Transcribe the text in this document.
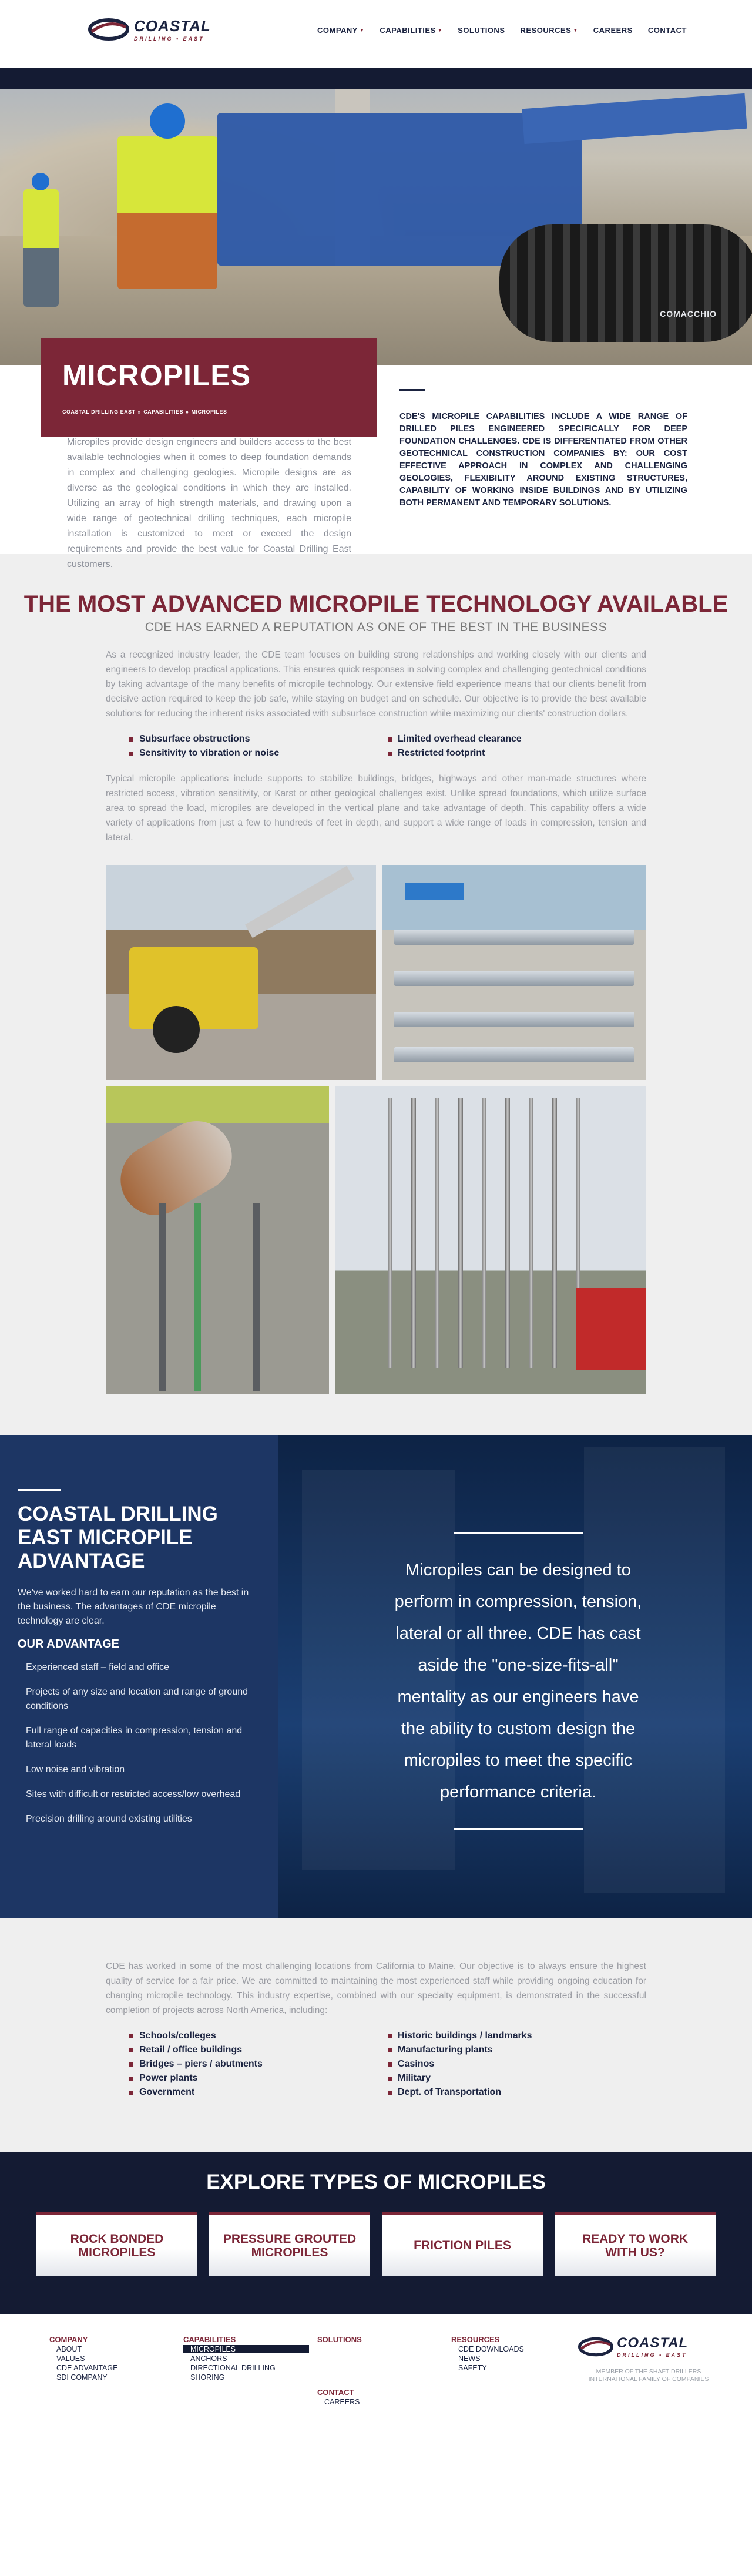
COASTAL
DRILLING • EAST
COMPANY ▼ CAPABILITIES ▼ SOLUTIONS RESOURCES ▼ CAREERS CONTACT
COMACCHIO
MICROPILES
COASTAL DRILLING EAST » CAPABILITIES » MICROPILES

Micropiles provide design engineers and builders access to the best available technologies when it comes to deep foundation demands in complex and challenging geologies. Micropile designs are as diverse as the geological conditions in which they are installed. Utilizing an array of high strength materials, and drawing upon a wide range of geotechnical drilling techniques, each micropile installation is customized to meet or exceed the design requirements and provide the best value for Coastal Drilling East customers.

CDE'S MICROPILE CAPABILITIES INCLUDE A WIDE RANGE OF DRILLED PILES ENGINEERED SPECIFICALLY FOR DEEP FOUNDATION CHALLENGES. CDE IS DIFFERENTIATED FROM OTHER GEOTECHNICAL CONSTRUCTION COMPANIES BY: OUR COST EFFECTIVE APPROACH IN COMPLEX AND CHALLENGING GEOLOGIES, FLEXIBILITY AROUND EXISTING STRUCTURES, CAPABILITY OF WORKING INSIDE BUILDINGS AND BY UTILIZING BOTH PERMANENT AND TEMPORARY SOLUTIONS.

THE MOST ADVANCED MICROPILE TECHNOLOGY AVAILABLE
CDE HAS EARNED A REPUTATION AS ONE OF THE BEST IN THE BUSINESS

As a recognized industry leader, the CDE team focuses on building strong relationships and working closely with our clients and engineers to develop practical applications. This ensures quick responses in solving complex and challenging geotechnical conditions by taking advantage of the many benefits of micropile technology. Our extensive field experience means that our clients benefit from decisive action required to keep the job safe, while staying on budget and on schedule. Our objective is to provide the best available solutions for reducing the inherent risks associated with subsurface construction while maximizing our clients' construction dollars.

Subsurface obstructions	Limited overhead clearance
Sensitivity to vibration or noise	Restricted footprint

Typical micropile applications include supports to stabilize buildings, bridges, highways and other man-made structures where restricted access, vibration sensitivity, or Karst or other geological challenges exist. Unlike spread foundations, which utilize surface area to spread the load, micropiles are developed in the vertical plane and take advantage of depth. This capability offers a wide variety of applications from just a few to hundreds of feet in depth, and support a wide range of loads in compression, tension and lateral.

COASTAL DRILLING EAST MICROPILE ADVANTAGE

We've worked hard to earn our reputation as the best in the business. The advantages of CDE micropile technology are clear.

OUR ADVANTAGE
Experienced staff – field and office
Projects of any size and location and range of ground conditions
Full range of capacities in compression, tension and lateral loads
Low noise and vibration
Sites with difficult or restricted access/low overhead
Precision drilling around existing utilities

Micropiles can be designed to perform in compression, tension, lateral or all three. CDE has cast aside the "one-size-fits-all" mentality as our engineers have the ability to custom design the micropiles to meet the specific performance criteria.

CDE has worked in some of the most challenging locations from California to Maine. Our objective is to always ensure the highest quality of service for a fair price. We are committed to maintaining the most experienced staff while providing ongoing education for changing micropile technology. This industry expertise, combined with our specialty equipment, is demonstrated in the successful completion of projects across North America, including:

Schools/colleges	Historic buildings / landmarks
Retail / office buildings	Manufacturing plants
Bridges – piers / abutments	Casinos
Power plants	Military
Government	Dept. of Transportation
EXPLORE TYPES OF MICROPILES
ROCK BONDED MICROPILES
PRESSURE GROUTED MICROPILES	FRICTION PILES	READY TO WORK WITH US?
COMPANY
ABOUT
VALUES
CDE ADVANTAGE
SDI COMPANY
CAPABILITIES
MICROPILES
ANCHORS
DIRECTIONAL DRILLING
SHORING
SOLUTIONS
CONTACT
CAREERS
RESOURCES
CDE DOWNLOADS
NEWS
SAFETY
COASTAL
DRILLING • EAST
MEMBER OF THE SHAFT DRILLERS INTERNATIONAL FAMILY OF COMPANIES
